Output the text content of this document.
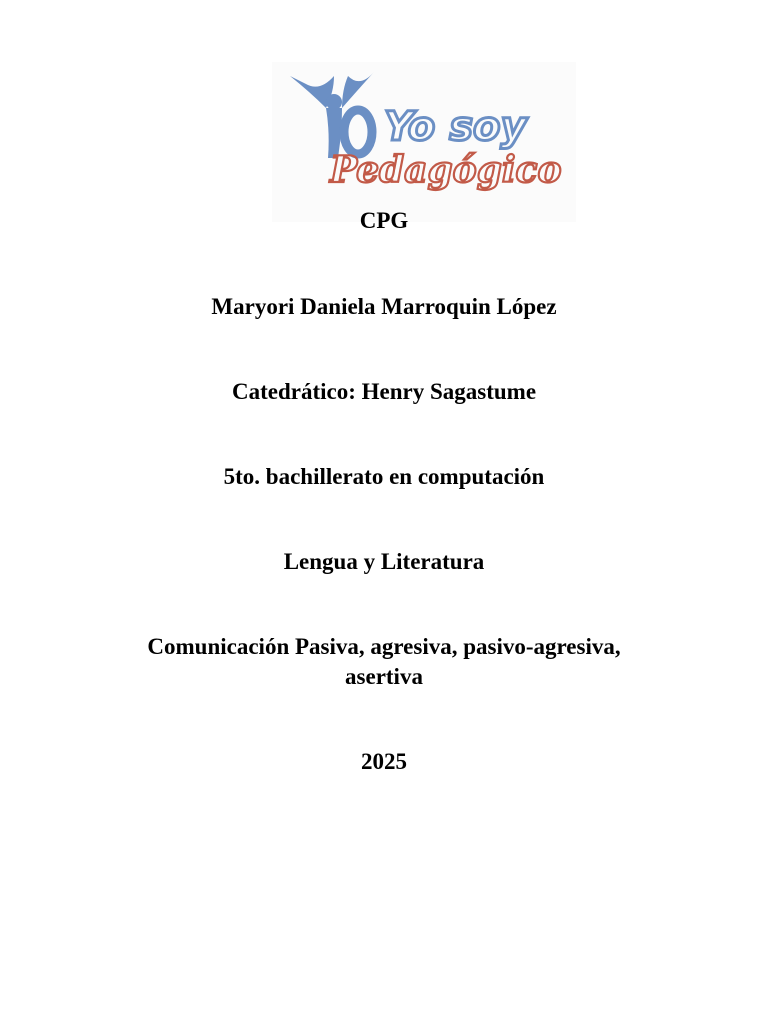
Yo soy
Pedagógico
CPG
Maryori Daniela Marroquin López
Catedrático: Henry Sagastume
5to. bachillerato en computación
Lengua y Literatura
Comunicación Pasiva, agresiva, pasivo-agresiva, asertiva
2025
